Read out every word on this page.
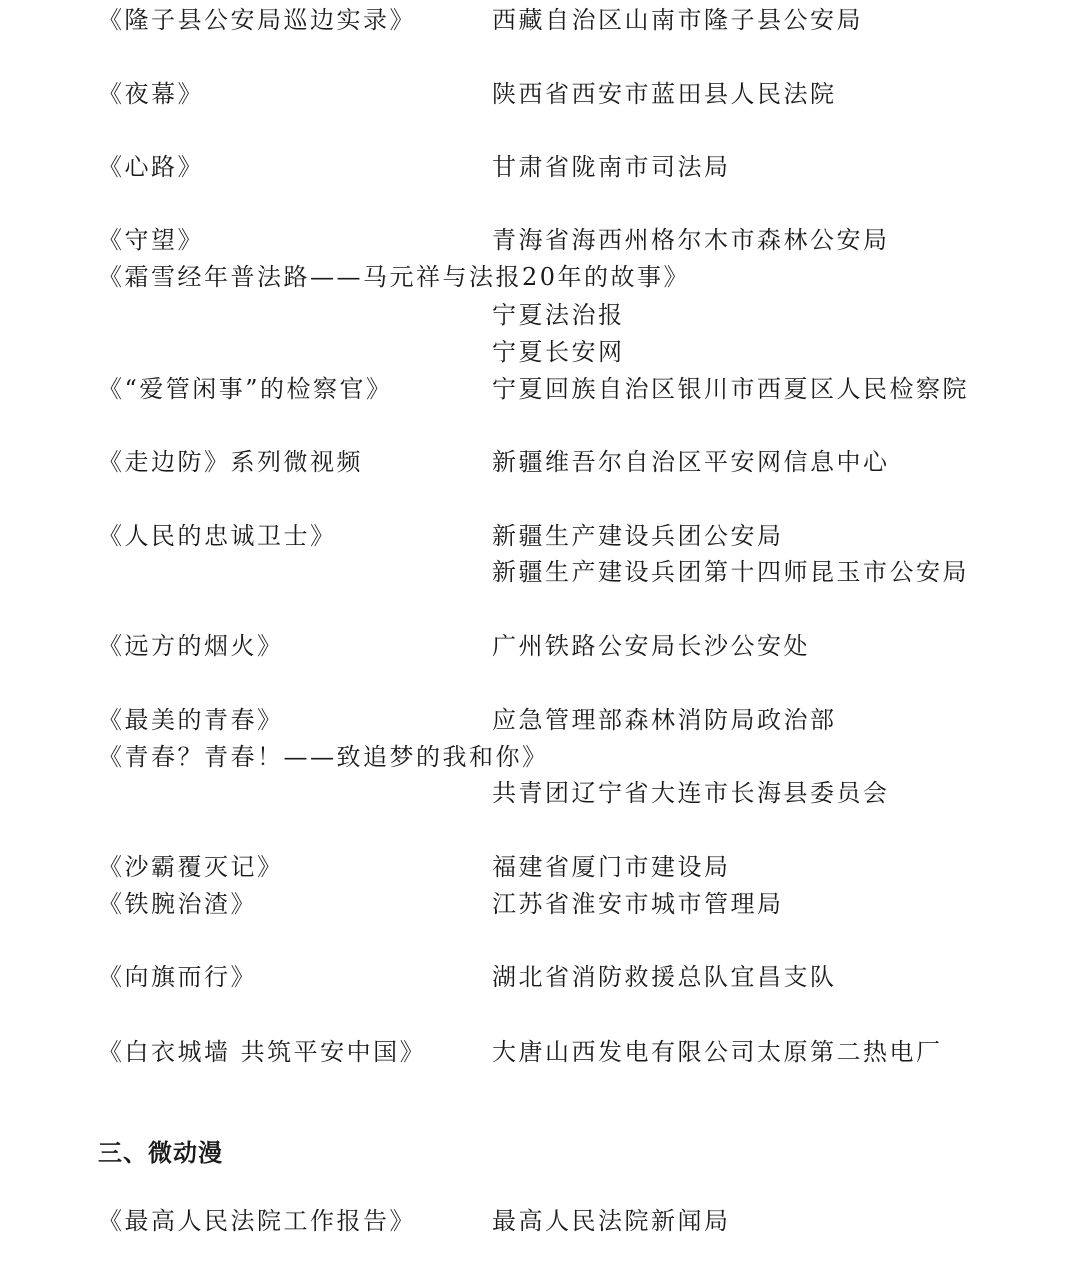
《隆子县公安局巡边实录》	西藏自治区山南市隆子县公安局
《夜幕》	陕西省西安市蓝田县人民法院
《心路》	甘肃省陇南市司法局
《守望》	青海省海西州格尔木市森林公安局
《霜雪经年普法路——马元祥与法报20年的故事》
宁夏法治报
宁夏长安网
《“爱管闲事”的检察官》	宁夏回族自治区银川市西夏区人民检察院
《走边防》系列微视频	新疆维吾尔自治区平安网信息中心
《人民的忠诚卫士》	新疆生产建设兵团公安局
新疆生产建设兵团第十四师昆玉市公安局
《远方的烟火》	广州铁路公安局长沙公安处
《最美的青春》	应急管理部森林消防局政治部
《青春？青春！——致追梦的我和你》
共青团辽宁省大连市长海县委员会
《沙霸覆灭记》	福建省厦门市建设局
《铁腕治渣》	江苏省淮安市城市管理局
《向旗而行》	湖北省消防救援总队宜昌支队
《白衣城墙 共筑平安中国》	大唐山西发电有限公司太原第二热电厂
三、微动漫
《最高人民法院工作报告》	最高人民法院新闻局
